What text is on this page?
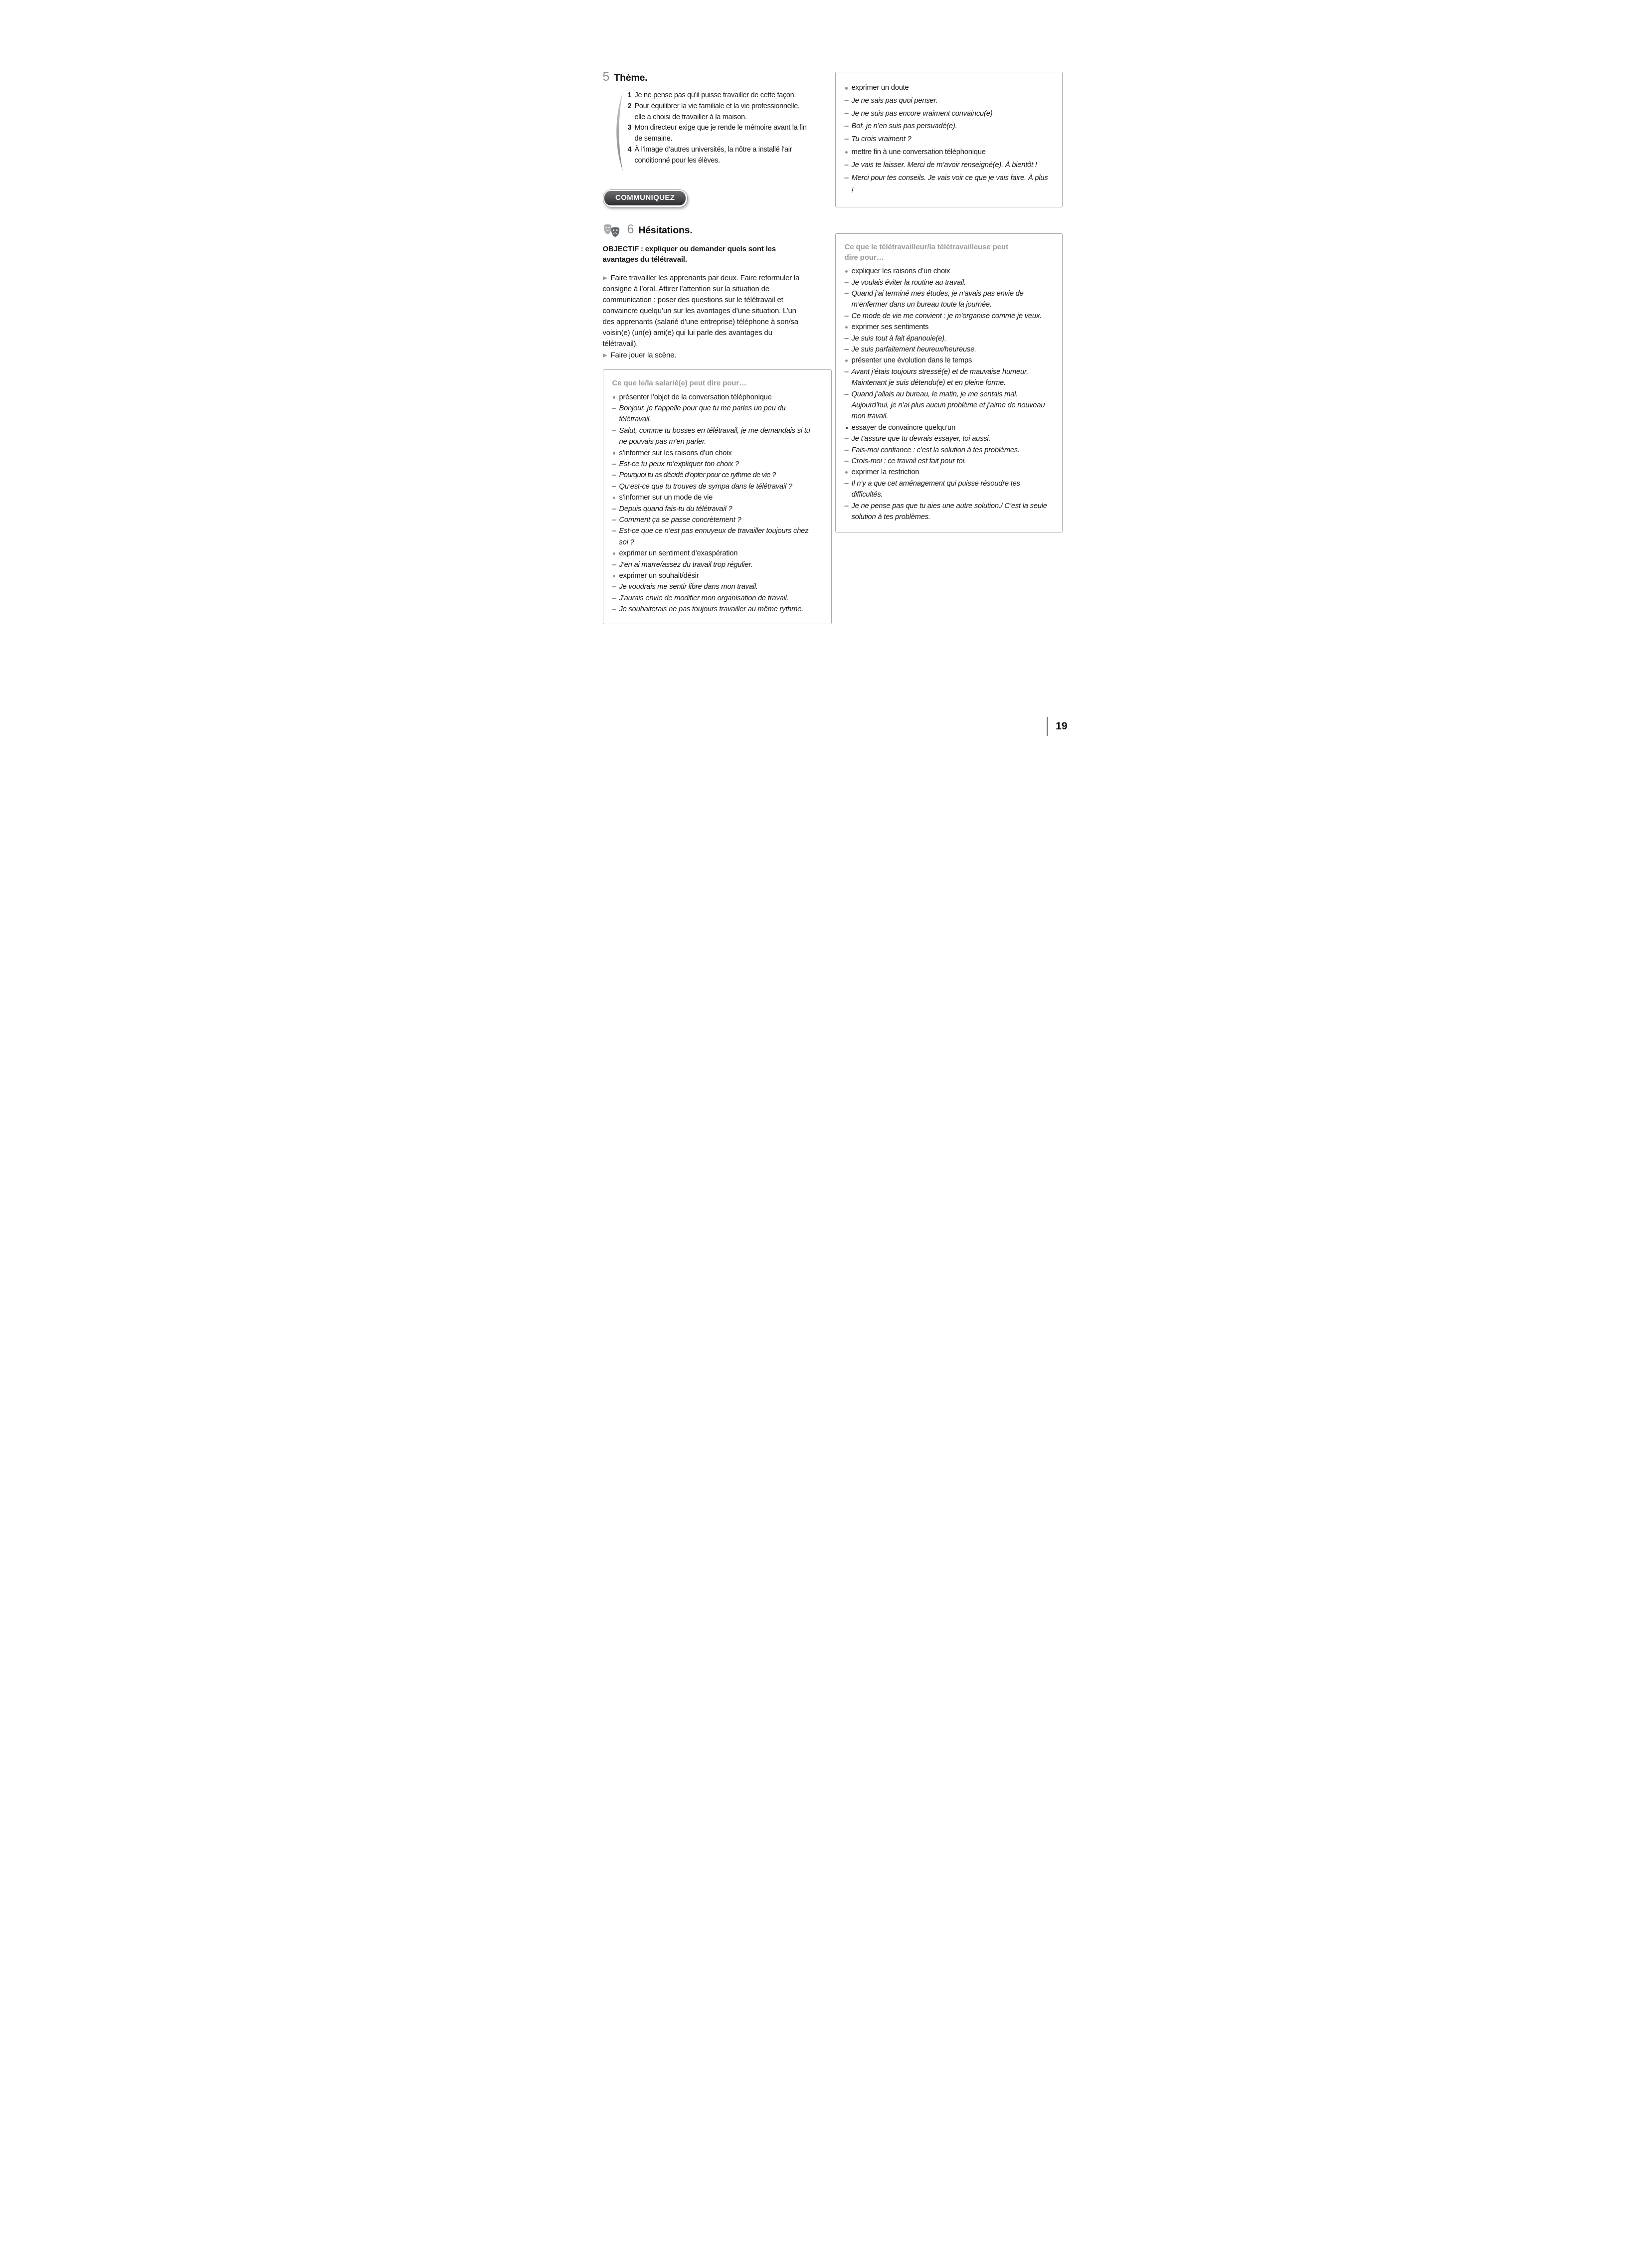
5 Thème.
1 Je ne pense pas qu’il puisse travailler de cette façon.
2 Pour équilibrer la vie familiale et la vie professionnelle, elle a choisi de travailler à la maison.
3 Mon directeur exige que je rende le mémoire avant la fin de semaine.
4 À l’image d’autres universités, la nôtre a installé l’air conditionné pour les élèves.
COMMUNIQUEZ
6 Hésitations.

OBJECTIF : expliquer ou demander quels sont les avantages du télétravail.

Faire travailler les apprenants par deux. Faire reformuler la consigne à l’oral. Attirer l’attention sur la situation de communication : poser des questions sur le télétravail et convaincre quelqu’un sur les avantages d’une situation. L’un des apprenants (salarié d’une entreprise) téléphone à son/sa voisin(e) (un(e) ami(e) qui lui parle des avantages du télétravail).

Faire jouer la scène.

Ce que le/la salarié(e) peut dire pour…
présenter l’objet de la conversation téléphonique
– Bonjour, je t’appelle pour que tu me parles un peu du télétravail.
– Salut, comme tu bosses en télétravail, je me demandais si tu ne pouvais pas m’en parler.
s’informer sur les raisons d’un choix
– Est-ce tu peux m’expliquer ton choix ?
– Pourquoi tu as décidé d’opter pour ce rythme de vie ?
– Qu’est-ce que tu trouves de sympa dans le télétravail ?
s’informer sur un mode de vie
– Depuis quand fais-tu du télétravail ?
– Comment ça se passe concrètement ?
– Est-ce que ce n’est pas ennuyeux de travailler toujours chez soi ?
exprimer un sentiment d’exaspération
– J’en ai marre/assez du travail trop régulier.
exprimer un souhait/désir
– Je voudrais me sentir libre dans mon travail.
– J’aurais envie de modifier mon organisation de travail.
– Je souhaiterais ne pas toujours travailler au même rythme.
exprimer un doute
– Je ne sais pas quoi penser.
– Je ne suis pas encore vraiment convaincu(e)
– Bof, je n’en suis pas persuadé(e).
– Tu crois vraiment ?
mettre fin à une conversation téléphonique
– Je vais te laisser. Merci de m’avoir renseigné(e). À bientôt !
– Merci pour tes conseils. Je vais voir ce que je vais faire. À plus !
Ce que le télétravailleur/la télétravailleuse peut dire pour…
expliquer les raisons d’un choix
– Je voulais éviter la routine au travail.
– Quand j’ai terminé mes études, je n’avais pas envie de m’enfermer dans un bureau toute la journée.
– Ce mode de vie me convient : je m’organise comme je veux.
exprimer ses sentiments
– Je suis tout à fait épanouie(e).
– Je suis parfaitement heureux/heureuse.
présenter une évolution dans le temps
– Avant j’étais toujours stressé(e) et de mauvaise humeur. Maintenant je suis détendu(e) et en pleine forme.
– Quand j’allais au bureau, le matin, je me sentais mal. Aujourd’hui, je n’ai plus aucun problème et j’aime de nouveau mon travail.
essayer de convaincre quelqu’un
– Je t’assure que tu devrais essayer, toi aussi.
– Fais-moi confiance : c’est la solution à tes problèmes.
– Crois-moi : ce travail est fait pour toi.
exprimer la restriction
– Il n’y a que cet aménagement qui puisse résoudre tes difficultés.
– Je ne pense pas que tu aies une autre solution./ C’est la seule solution à tes problèmes.
19
